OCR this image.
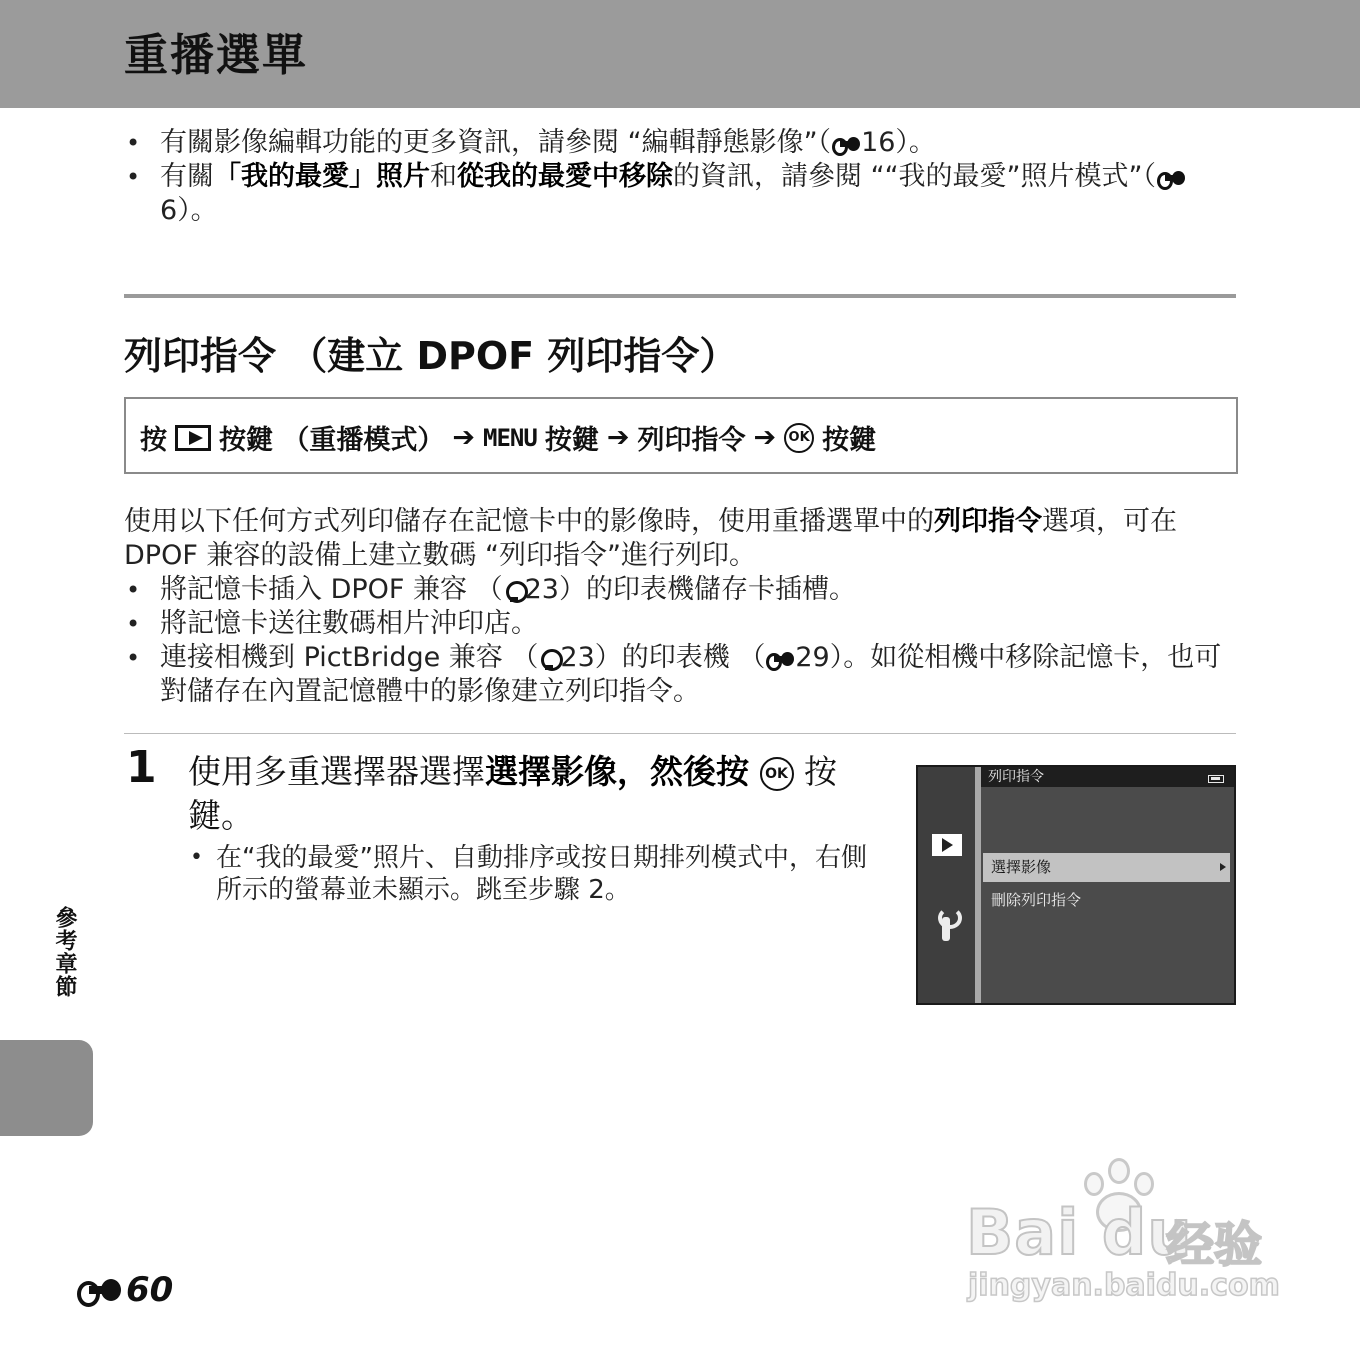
重播選單
• 有關影像編輯功能的更多資訊，請參閱 “編輯靜態影像”（ 16）。
• 有關「我的最愛」照片和從我的最愛中移除的資訊，請參閱 ““我的最愛”照片模式”（
6）。
列印指令 （建立 DPOF 列印指令）
按 按鍵 （重播模式） ➔ MENU 按鍵 ➔ 列印指令 ➔ OK 按鍵
使用以下任何方式列印儲存在記憶卡中的影像時，使用重播選單中的列印指令選項，可在 DPOF 兼容的設備上建立數碼 “列印指令”進行列印。
• 將記憶卡插入 DPOF 兼容 （ 23）的印表機儲存卡插槽。
• 將記憶卡送往數碼相片沖印店。
• 連接相機到 PictBridge 兼容 （ 23）的印表機 （ 29）。如從相機中移除記憶卡，也可對儲存在內置記憶體中的影像建立列印指令。
1 使用多重選擇器選擇選擇影像，然後按 OK 按鍵。
• 在“我的最愛”照片、自動排序或按日期排列模式中，右側所示的螢幕並未顯示。跳至步驟 2。
列印指令
選擇影像
刪除列印指令
參考章節
60
Bai du
经验
jingyan.baidu.com
